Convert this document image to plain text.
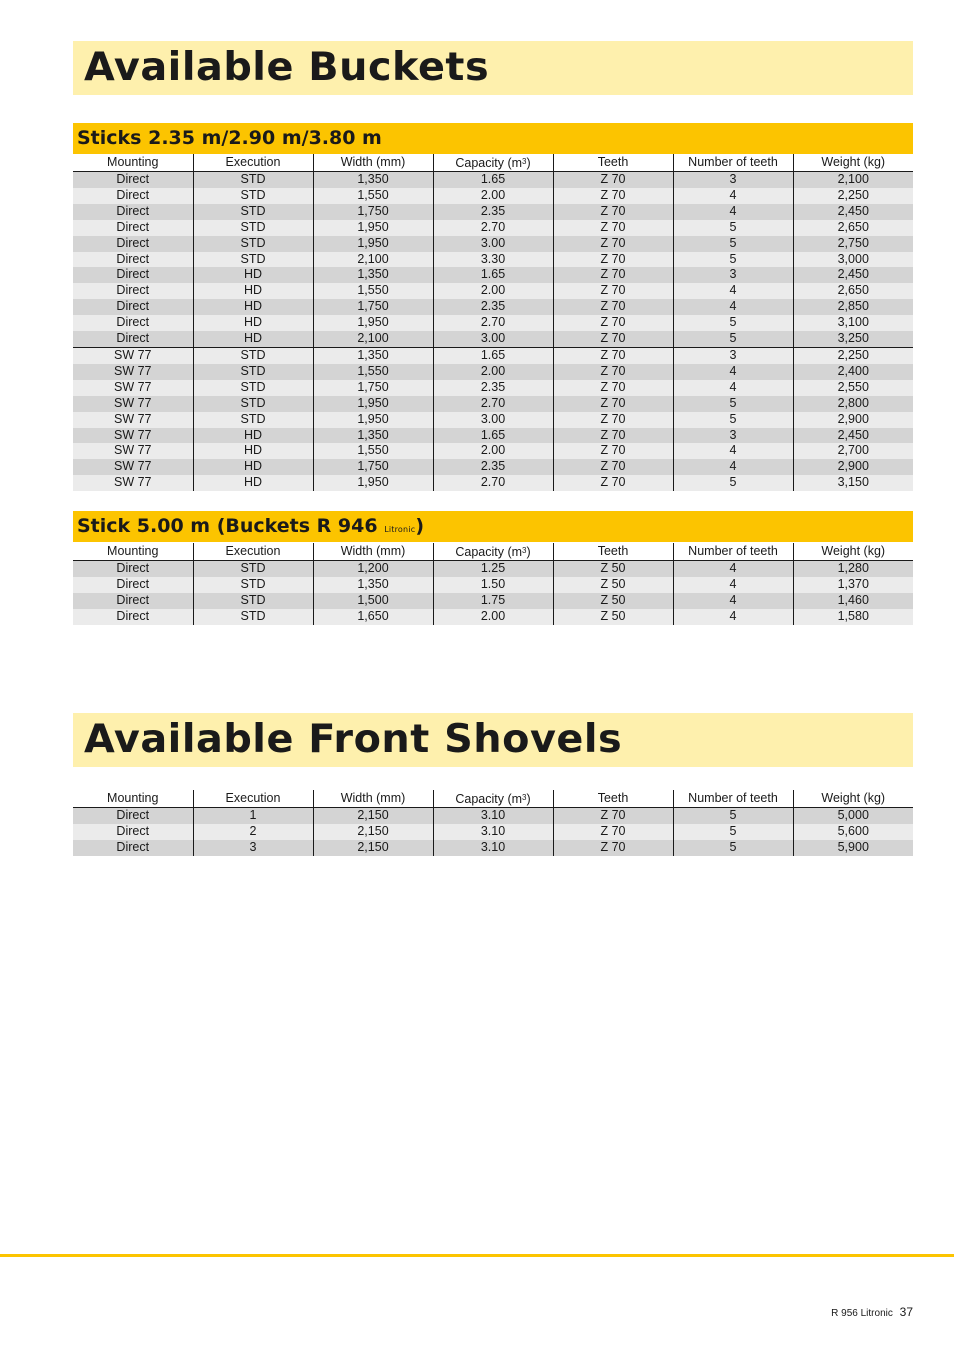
Available Buckets
Sticks 2.35 m/2.90 m/3.80 m
Mounting	Execution	Width (mm)	Capacity $(m^3)$	Teeth	Number of teeth	Weight (kg)
Direct	STD	1,350	1.65	Z 70	3	2,100
Direct	STD	1,550	2.00	Z 70	4	2,250
Direct	STD	1,750	2.35	Z 70	4	2,450
Direct	STD	1,950	2.70	Z 70	5	2,650
Direct	STD	1,950	3.00	Z 70	5	2,750
Direct	STD	2,100	3.30	Z 70	5	3,000
Direct	HD	1,350	1.65	Z 70	3	2,450
Direct	HD	1,550	2.00	Z 70	4	2,650
Direct	HD	1,750	2.35	Z 70	4	2,850
Direct	HD	1,950	2.70	Z 70	5	3,100
Direct	HD	2,100	3.00	Z 70	5	3,250
SW 77	STD	1,350	1.65	Z 70	3	2,250
SW 77	STD	1,550	2.00	Z 70	4	2,400
SW 77	STD	1,750	2.35	Z 70	4	2,550
SW 77	STD	1,950	2.70	Z 70	5	2,800
SW 77	STD	1,950	3.00	Z 70	5	2,900
SW 77	HD	1,350	1.65	Z 70	3	2,450
SW 77	HD	1,550	2.00	Z 70	4	2,700
SW 77	HD	1,750	2.35	Z 70	4	2,900
SW 77	HD	1,950	2.70	Z 70	5	3,150
Stick 5.00 m (Buckets R 946 Litronic)
Mounting	Execution	Width (mm)	Capacity $(m^3)$	Teeth	Number of teeth	Weight (kg)
Direct	STD	1,200	1.25	Z 50	4	1,280
Direct	STD	1,350	1.50	Z 50	4	1,370
Direct	STD	1,500	1.75	Z 50	4	1,460
Direct	STD	1,650	2.00	Z 50	4	1,580
Available Front Shovels
Mounting	Execution	Width (mm)	Capacity $(m^3)$	Teeth	Number of teeth	Weight (kg)
Direct	1	2,150	3.10	Z 70	5	5,000
Direct	2	2,150	3.10	Z 70	5	5,600
Direct	3	2,150	3.10	Z 70	5	5,900
R 956 Litronic 37
